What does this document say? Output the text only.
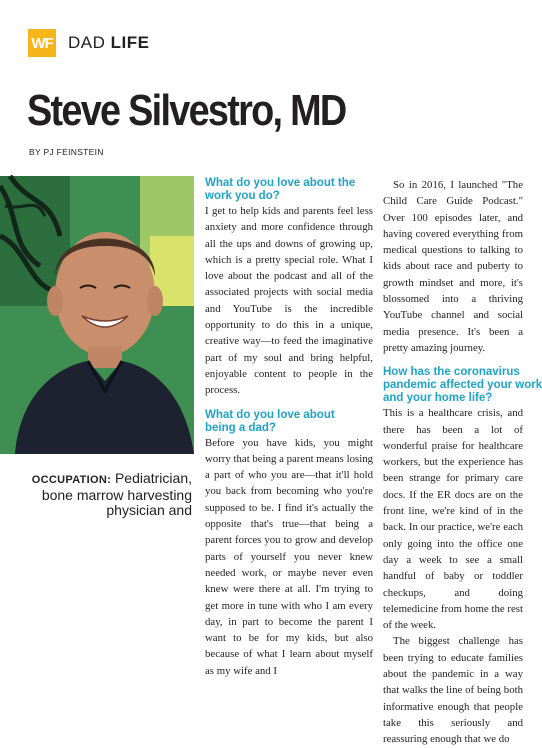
WF DAD LIFE
Steve Silvestro, MD
BY PJ FEINSTEIN
OCCUPATION: Pediatrician, bone marrow harvesting physician and
What do you love about the
work you do?

I get to help kids and parents feel less anxiety and more confidence through all the ups and downs of growing up, which is a pretty special role. What I love about the podcast and all of the associated projects with social media and YouTube is the incredible opportunity to do this in a unique, creative way—to feed the imaginative part of my soul and bring helpful, enjoyable content to people in the process.

What do you love about
being a dad?

Before you have kids, you might worry that being a parent means losing a part of who you are—that it'll hold you back from becoming who you're supposed to be. I find it's actually the opposite that's true—that being a parent forces you to grow and develop parts of yourself you never knew needed work, or maybe never even knew were there at all. I'm trying to get more in tune with who I am every day, in part to become the parent I want to be for my kids, but also because of what I learn about myself as my wife and I

So in 2016, I launched "The Child Care Guide Podcast." Over 100 episodes later, and having covered everything from medical questions to talking to kids about race and puberty to growth mindset and more, it's blossomed into a thriving YouTube channel and social media presence. It's been a pretty amazing journey.

How has the coronavirus
pandemic affected your work
and your home life?

This is a healthcare crisis, and there has been a lot of wonderful praise for healthcare workers, but the experience has been strange for primary care docs. If the ER docs are on the front line, we're kind of in the back. In our practice, we're each only going into the office one day a week to see a small handful of baby or toddler checkups, and doing telemedicine from home the rest of the week.

The biggest challenge has been trying to educate families about the pandemic in a way that walks the line of being both informative enough that people take this seriously and reassuring enough that we do
